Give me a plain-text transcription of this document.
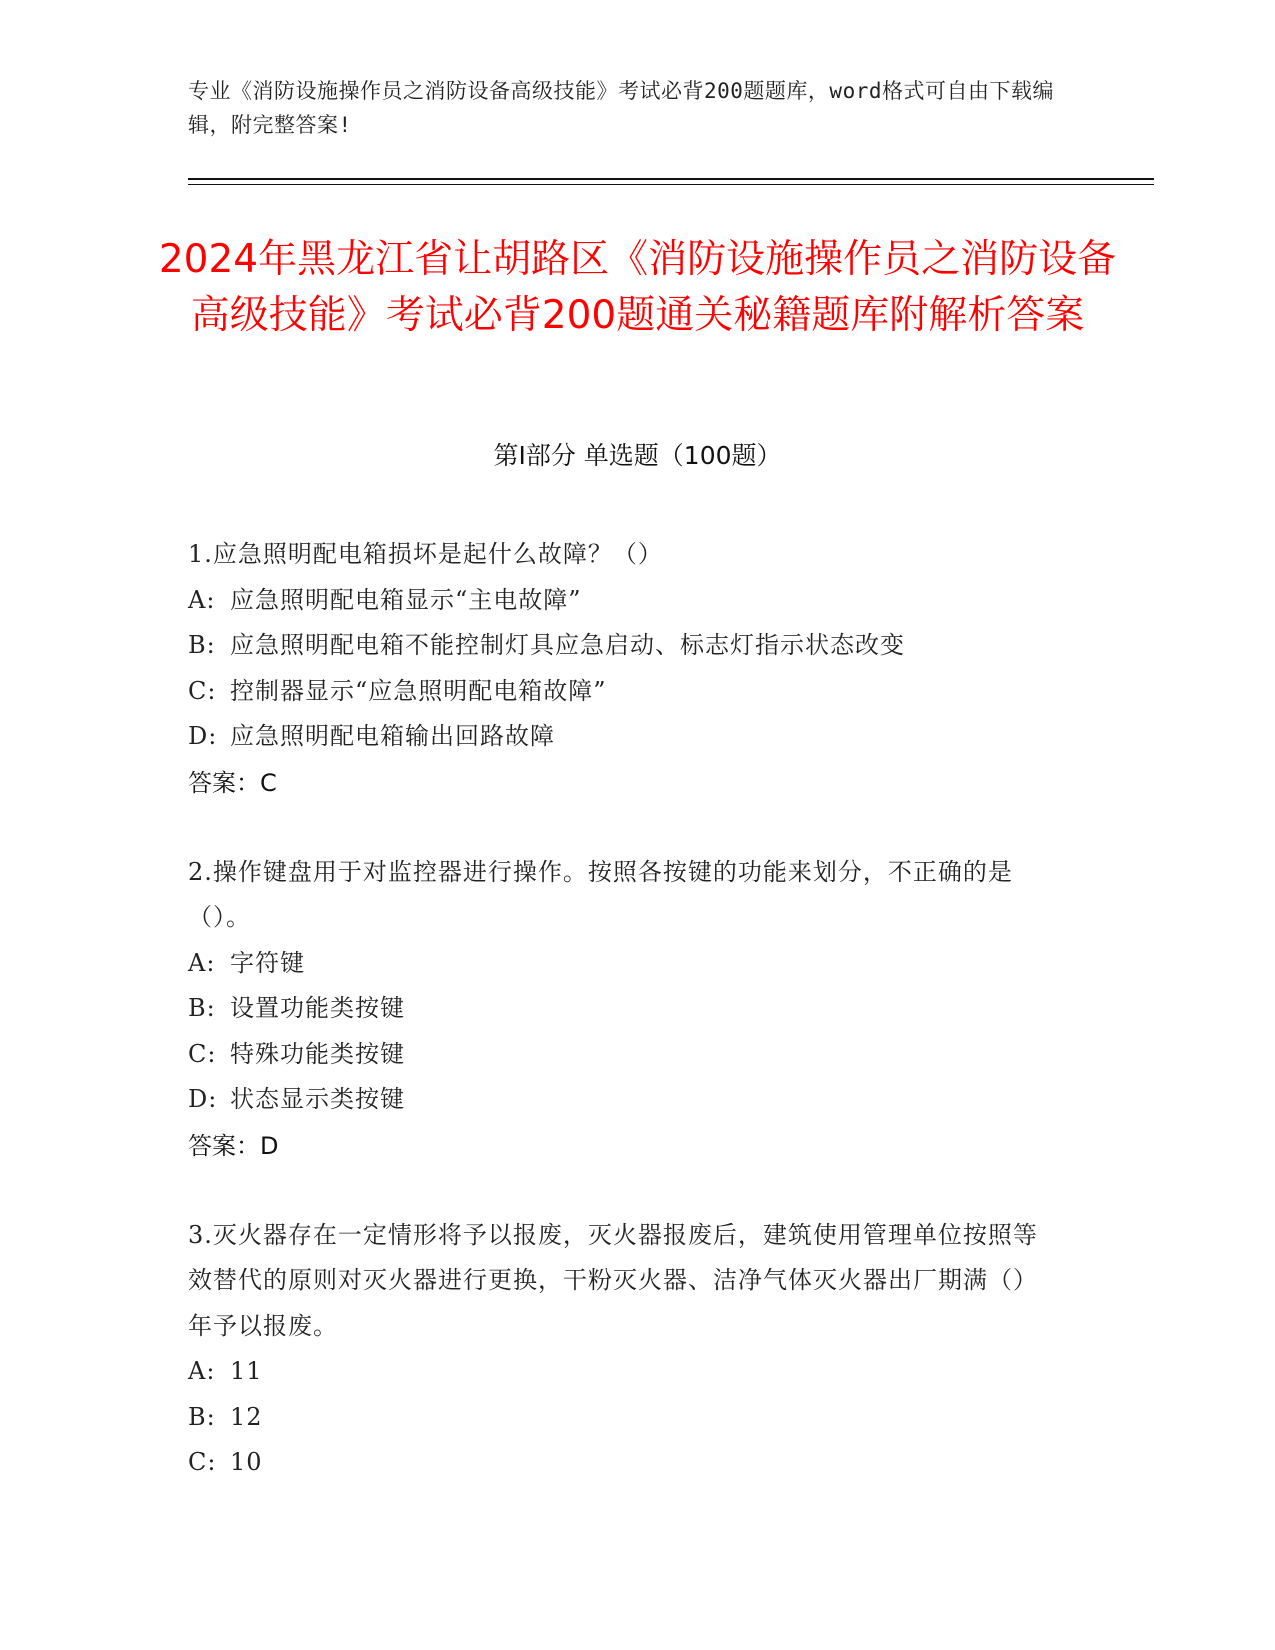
专业《消防设施操作员之消防设备高级技能》考试必背200题题库，word格式可自由下载编辑，附完整答案!
2024年黑龙江省让胡路区《消防设施操作员之消防设备高级技能》考试必背200题通关秘籍题库附解析答案
第Ⅰ部分 单选题（100题）
1.应急照明配电箱损坏是起什么故障？（）
A: 应急照明配电箱显示“主电故障”
B: 应急照明配电箱不能控制灯具应急启动、标志灯指示状态改变
C: 控制器显示“应急照明配电箱故障”
D: 应急照明配电箱输出回路故障
答案：C
2.操作键盘用于对监控器进行操作。按照各按键的功能来划分，不正确的是（）。
A: 字符键
B: 设置功能类按键
C: 特殊功能类按键
D: 状态显示类按键
答案：D
3.灭火器存在一定情形将予以报废，灭火器报废后，建筑使用管理单位按照等效替代的原则对灭火器进行更换，干粉灭火器、洁净气体灭火器出厂期满（）年予以报废。
A: 11
B: 12
C: 10
